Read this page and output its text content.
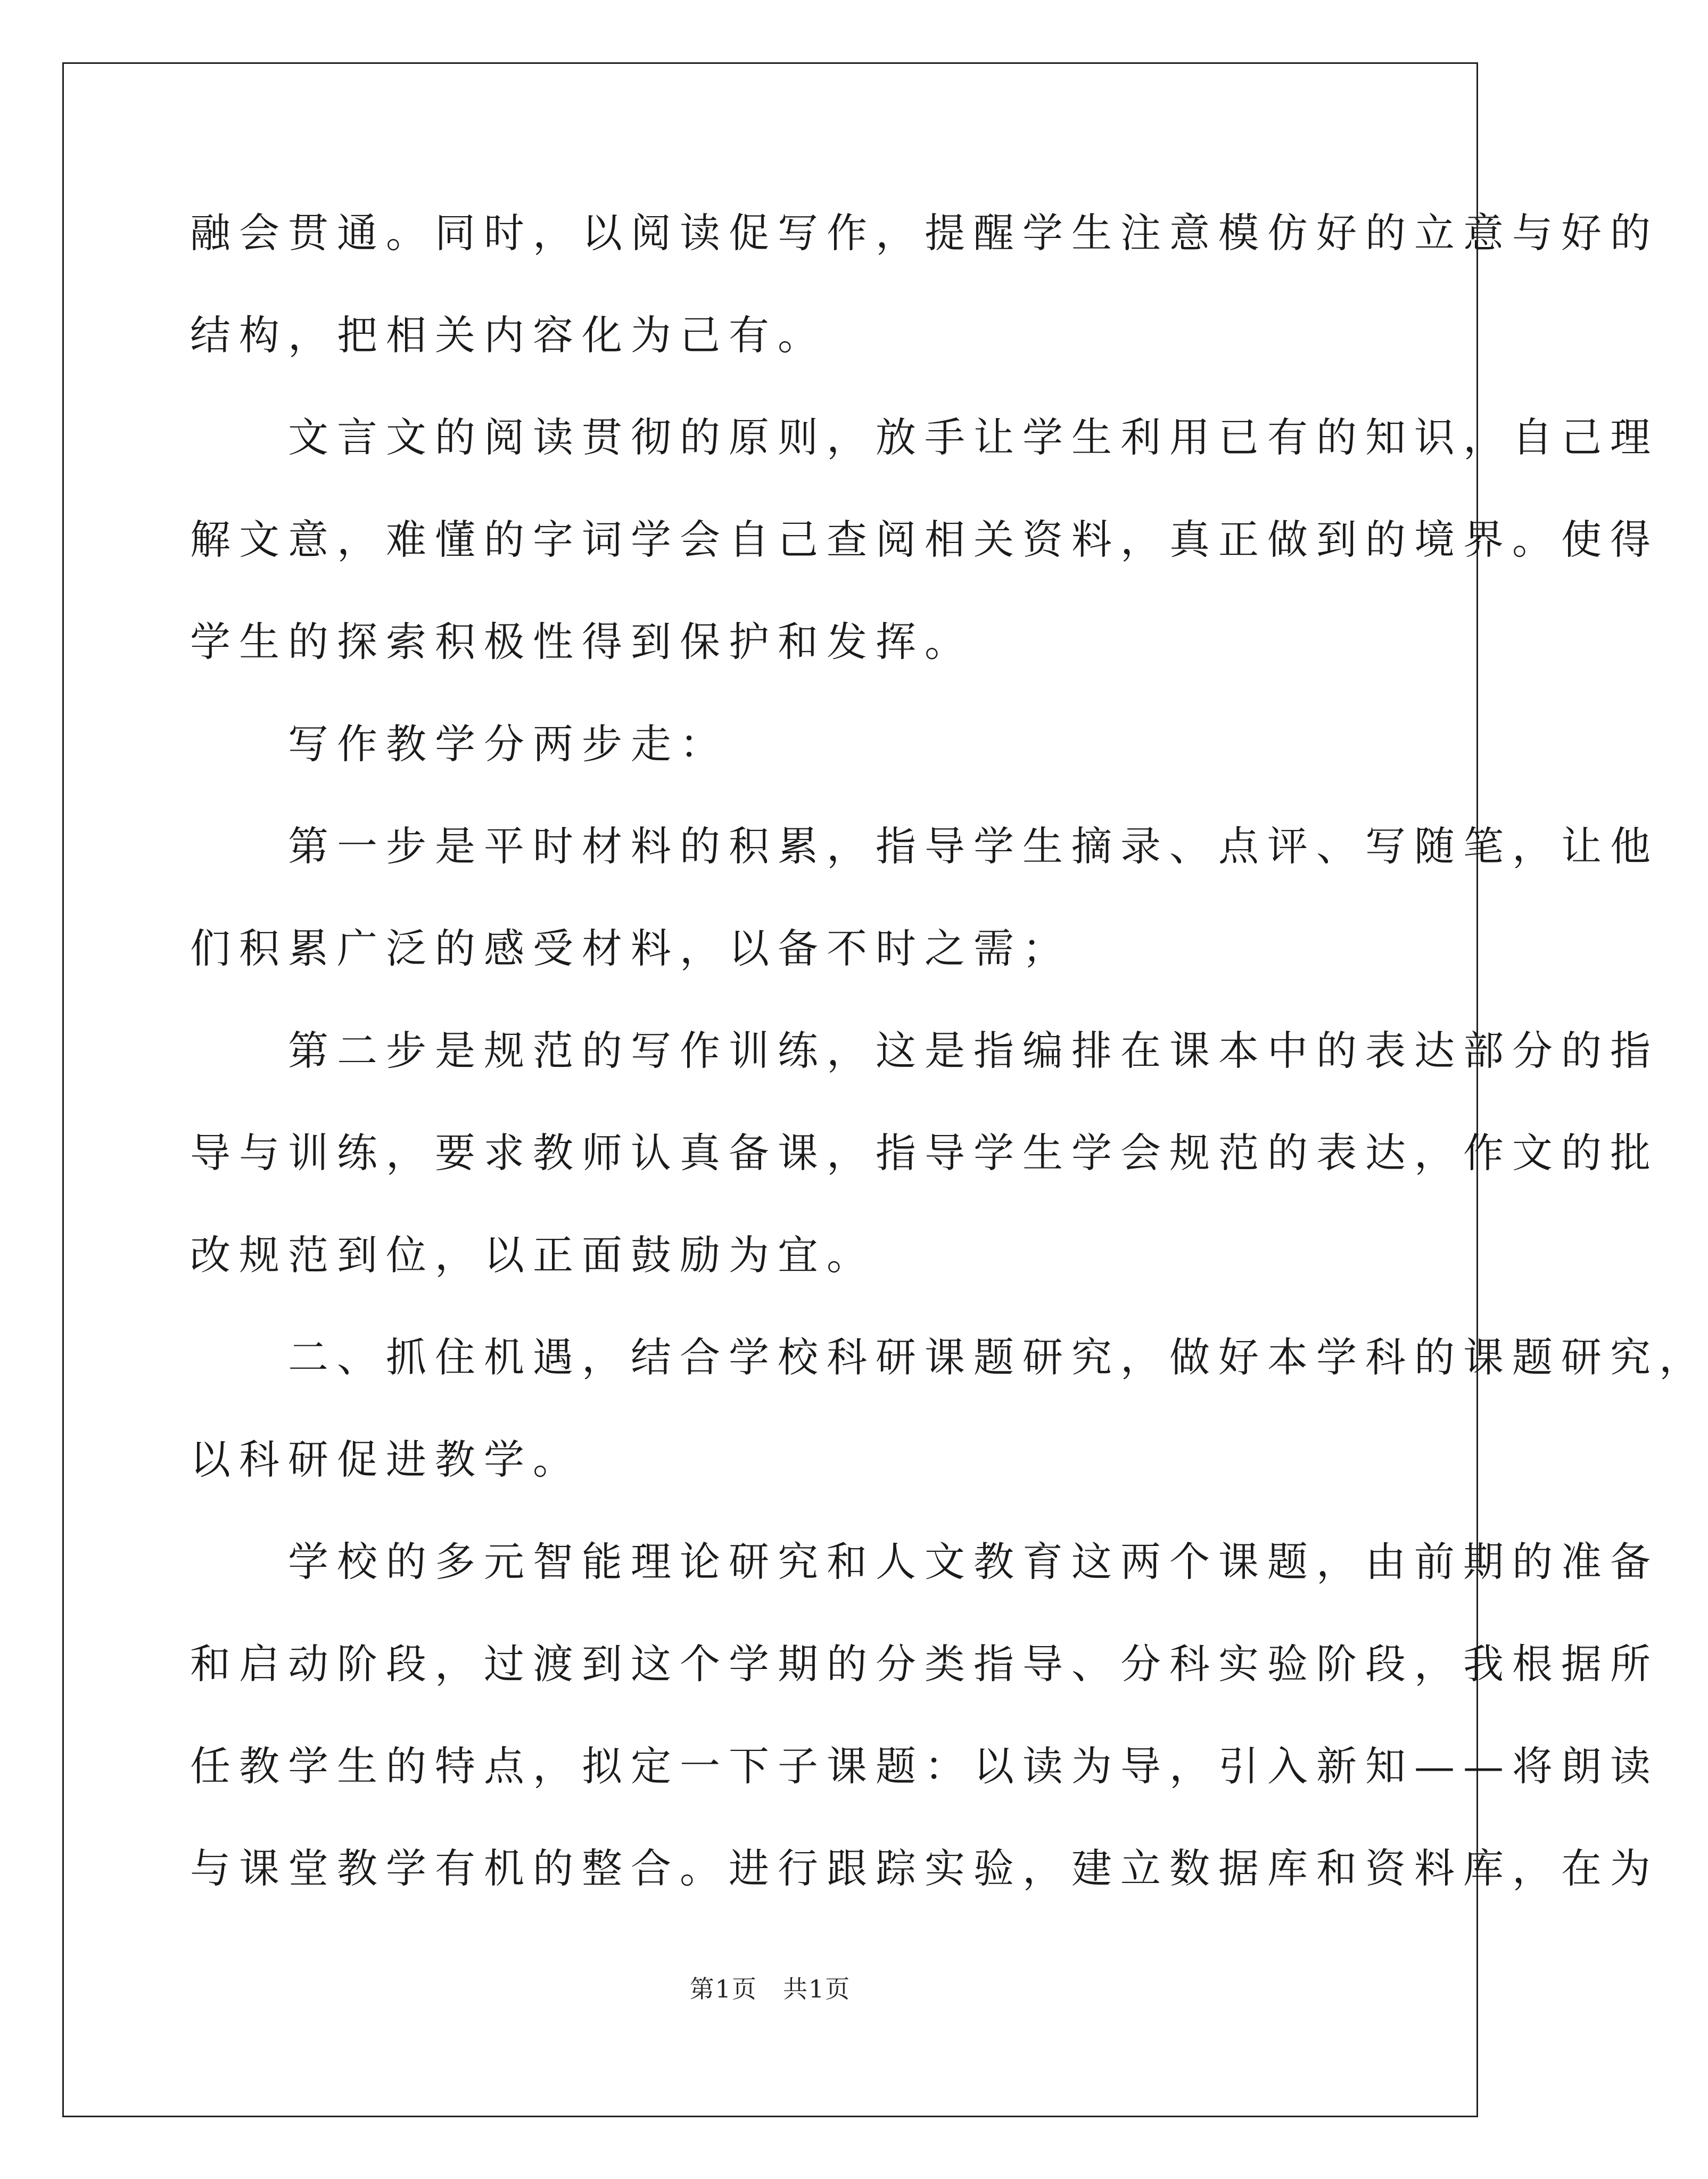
融会贯通。同时，以阅读促写作，提醒学生注意模仿好的立意与好的

结构，把相关内容化为己有。

　　文言文的阅读贯彻的原则，放手让学生利用已有的知识，自己理

解文意，难懂的字词学会自己查阅相关资料，真正做到的境界。使得

学生的探索积极性得到保护和发挥。

　　写作教学分两步走：

　　第一步是平时材料的积累，指导学生摘录、点评、写随笔，让他

们积累广泛的感受材料，以备不时之需；

　　第二步是规范的写作训练，这是指编排在课本中的表达部分的指

导与训练，要求教师认真备课，指导学生学会规范的表达，作文的批

改规范到位，以正面鼓励为宜。

　　二、抓住机遇，结合学校科研课题研究，做好本学科的课题研究，

以科研促进教学。

　　学校的多元智能理论研究和人文教育这两个课题，由前期的准备

和启动阶段，过渡到这个学期的分类指导、分科实验阶段，我根据所

任教学生的特点，拟定一下子课题：以读为导，引入新知——将朗读

与课堂教学有机的整合。进行跟踪实验，建立数据库和资料库，在为

第1页　共1页
